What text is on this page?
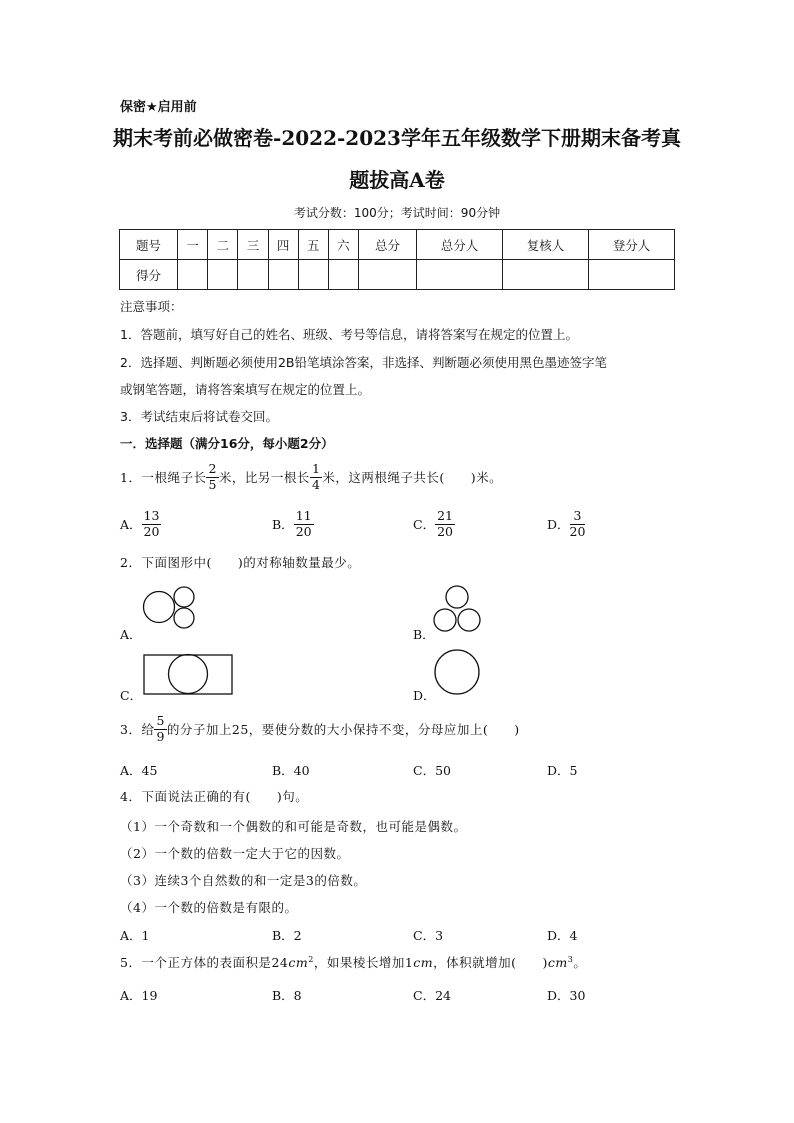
保密★启用前
期末考前必做密卷-2022-2023学年五年级数学下册期末备考真
题拔高A卷
考试分数：100分；考试时间：90分钟
题号	一	二	三	四	五	六	总分	总分人	复核人	登分人
得分										
注意事项：
1．答题前，填写好自己的姓名、班级、考号等信息，请将答案写在规定的位置上。
2．选择题、判断题必须使用2B铅笔填涂答案，非选择、判断题必须使用黑色墨迹签字笔
或钢笔答题，请将答案填写在规定的位置上。
3．考试结束后将试卷交回。
一．选择题（满分16分，每小题2分）
1．一根绳子长 $\frac{2}{5}$ 米，比另一根长 $\frac{1}{4}$ 米，这两根绳子共长(　　)米。
A． $\frac{13}{20}$	B． $\frac{11}{20}$	C． $\frac{21}{20}$	D． $\frac{3}{20}$
2．下面图形中(　　)的对称轴数量最少。
A．	B．
C．	D．
3．给 $\frac{5}{9}$ 的分子加上25，要使分数的大小保持不变，分母应加上(　　)
A．45	B．40	C．50	D．5
4．下面说法正确的有(　　)句。
（1）一个奇数和一个偶数的和可能是奇数，也可能是偶数。
（2）一个数的倍数一定大于它的因数。
（3）连续3个自然数的和一定是3的倍数。
（4）一个数的倍数是有限的。
A．1	B．2	C．3	D．4
5．一个正方体的表面积是$24cm^2$，如果棱长增加1cm，体积就增加(　　)$cm^3$。
A．19	B．8	C．24	D．30
